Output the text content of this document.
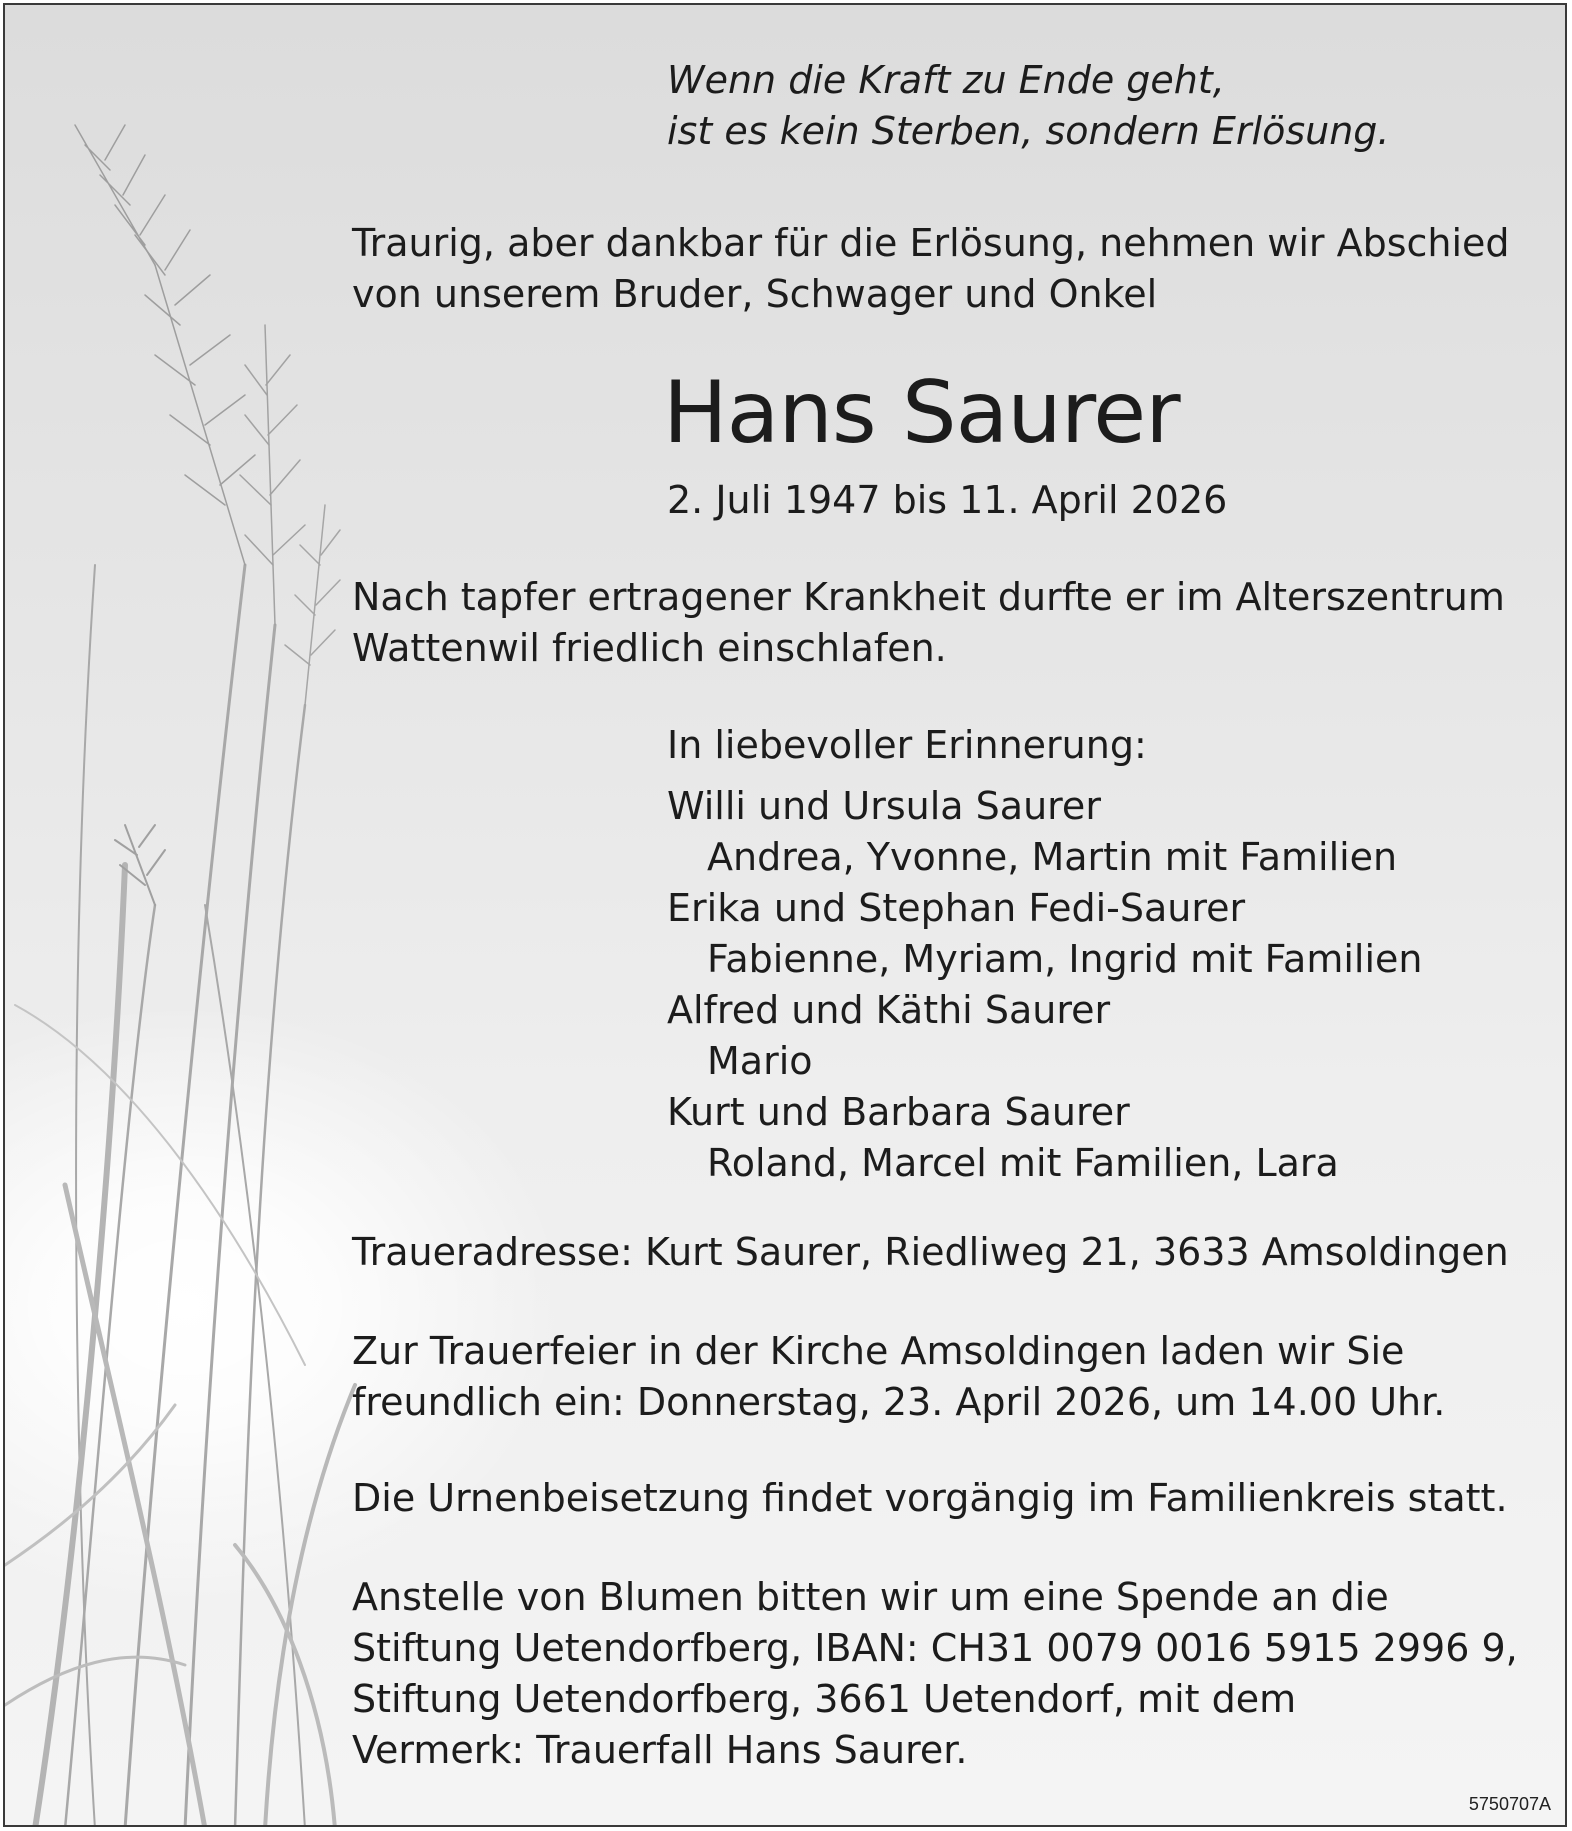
Wenn die Kraft zu Ende geht,
ist es kein Sterben, sondern Erlösung.

Traurig, aber dankbar für die Erlösung, nehmen wir Abschied
von unserem Bruder, Schwager und Onkel

Hans Saurer

2. Juli 1947 bis 11. April 2026

Nach tapfer ertragener Krankheit durfte er im Alterszentrum
Wattenwil friedlich einschlafen.

In liebevoller Erinnerung:

Willi und Ursula Saurer
Andrea, Yvonne, Martin mit Familien
Erika und Stephan Fedi-Saurer
Fabienne, Myriam, Ingrid mit Familien
Alfred und Käthi Saurer
Mario
Kurt und Barbara Saurer
Roland, Marcel mit Familien, Lara

Traueradresse: Kurt Saurer, Riedliweg 21, 3633 Amsoldingen

Zur Trauerfeier in der Kirche Amsoldingen laden wir Sie
freundlich ein: Donnerstag, 23. April 2026, um 14.00 Uhr.

Die Urnenbeisetzung findet vorgängig im Familienkreis statt.

Anstelle von Blumen bitten wir um eine Spende an die
Stiftung Uetendorfberg, IBAN: CH31 0079 0016 5915 2996 9,
Stiftung Uetendorfberg, 3661 Uetendorf, mit dem
Vermerk: Trauerfall Hans Saurer.

5750707A
